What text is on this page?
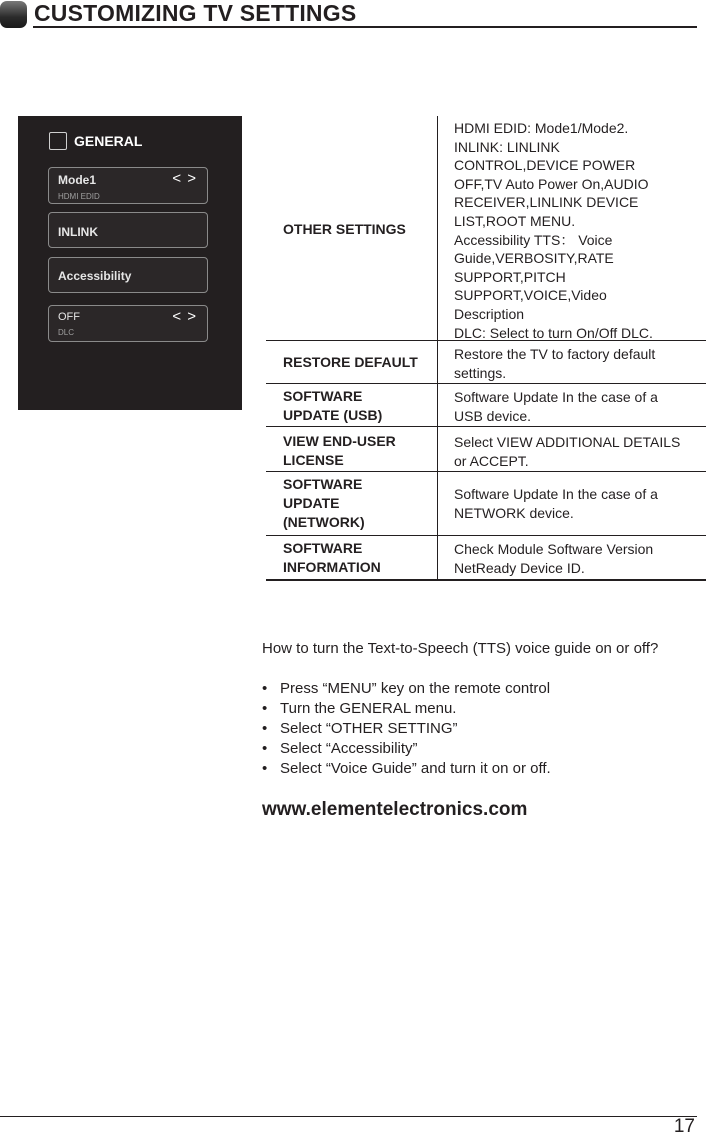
CUSTOMIZING TV SETTINGS
GENERAL
Mode1
HDMI EDID
< >
INLINK
Accessibility
OFF
DLC
< >
OTHER SETTINGS
HDMI EDID: Mode1/Mode2.
INLINK: LINLINK
CONTROL,DEVICE POWER
OFF,TV Auto Power On,AUDIO
RECEIVER,LINLINK DEVICE
LIST,ROOT MENU.
Accessibility TTS： Voice
Guide,VERBOSITY,RATE
SUPPORT,PITCH
SUPPORT,VOICE,Video
Description
DLC: Select to turn On/Off DLC.
RESTORE DEFAULT	Restore the TV to factory default
settings.
SOFTWARE
UPDATE (USB)
Software Update In the case of a
USB device.
VIEW END-USER
LICENSE
Select VIEW ADDITIONAL DETAILS
or ACCEPT.
SOFTWARE
UPDATE
(NETWORK)
Software Update In the case of a
NETWORK device.
SOFTWARE
INFORMATION
Check Module Software Version
NetReady Device ID.
How to turn the Text-to-Speech (TTS) voice guide on or off?
• Press “MENU” key on the remote control
• Turn the GENERAL menu.
• Select “OTHER SETTING”
• Select “Accessibility”
• Select “Voice Guide” and turn it on or off.
www.elementelectronics.com
17
